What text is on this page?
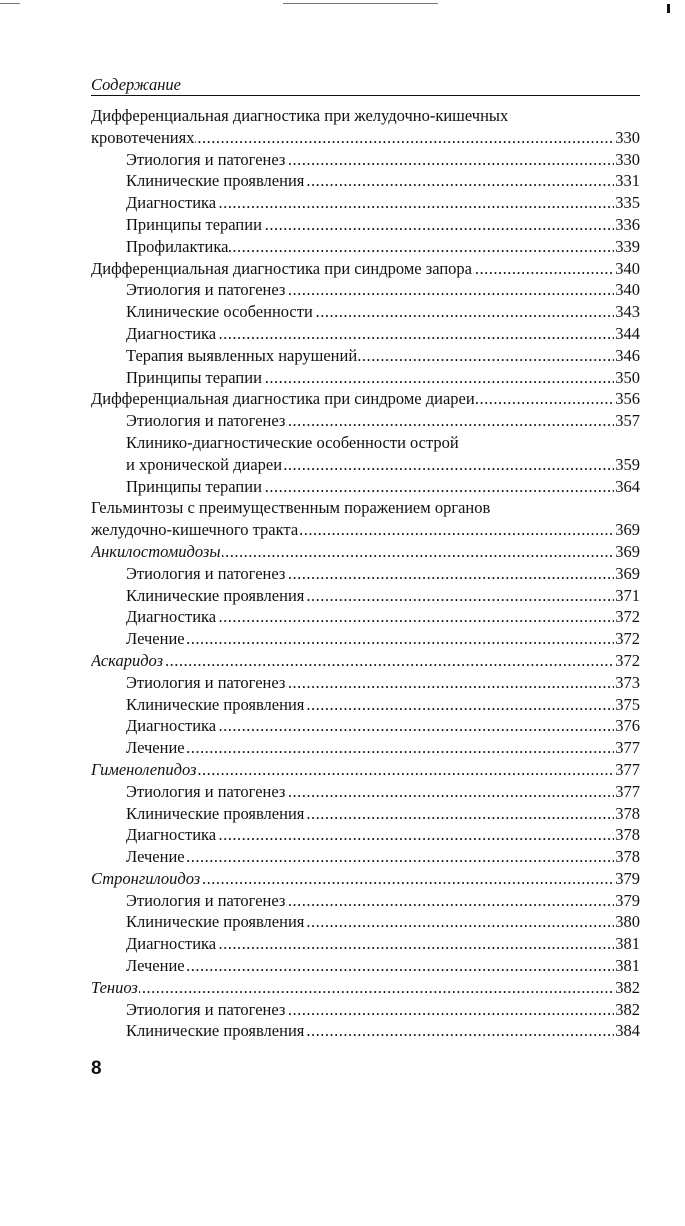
Содержание
Дифференциальная диагностика при желудочно-кишечных
..... кровотечениях	330
..... Этиология и патогенез	330
..... Клинические проявления	331
..... Диагностика	335
..... Принципы терапии	336
..... Профилактика	339
..... Дифференциальная диагностика при синдроме запора	340
..... Этиология и патогенез	340
..... Клинические особенности	343
..... Диагностика	344
..... Терапия выявленных нарушений	346
..... Принципы терапии	350
..... Дифференциальная диагностика при синдроме диареи	356
..... Этиология и патогенез	357
Клинико-диагностические особенности острой
..... и хронической диареи	359
..... Принципы терапии	364
Гельминтозы с преимущественным поражением органов
..... желудочно-кишечного тракта	369
..... Анкилостомидозы	369
..... Этиология и патогенез	369
..... Клинические проявления	371
..... Диагностика	372
..... Лечение	372
..... Аскаридоз	372
..... Этиология и патогенез	373
..... Клинические проявления	375
..... Диагностика	376
..... Лечение	377
..... Гименолепидоз	377
..... Этиология и патогенез	377
..... Клинические проявления	378
..... Диагностика	378
..... Лечение	378
..... Стронгилоидоз	379
..... Этиология и патогенез	379
..... Клинические проявления	380
..... Диагностика	381
..... Лечение	381
..... Тениоз	382
..... Этиология и патогенез	382
..... Клинические проявления	384
8
